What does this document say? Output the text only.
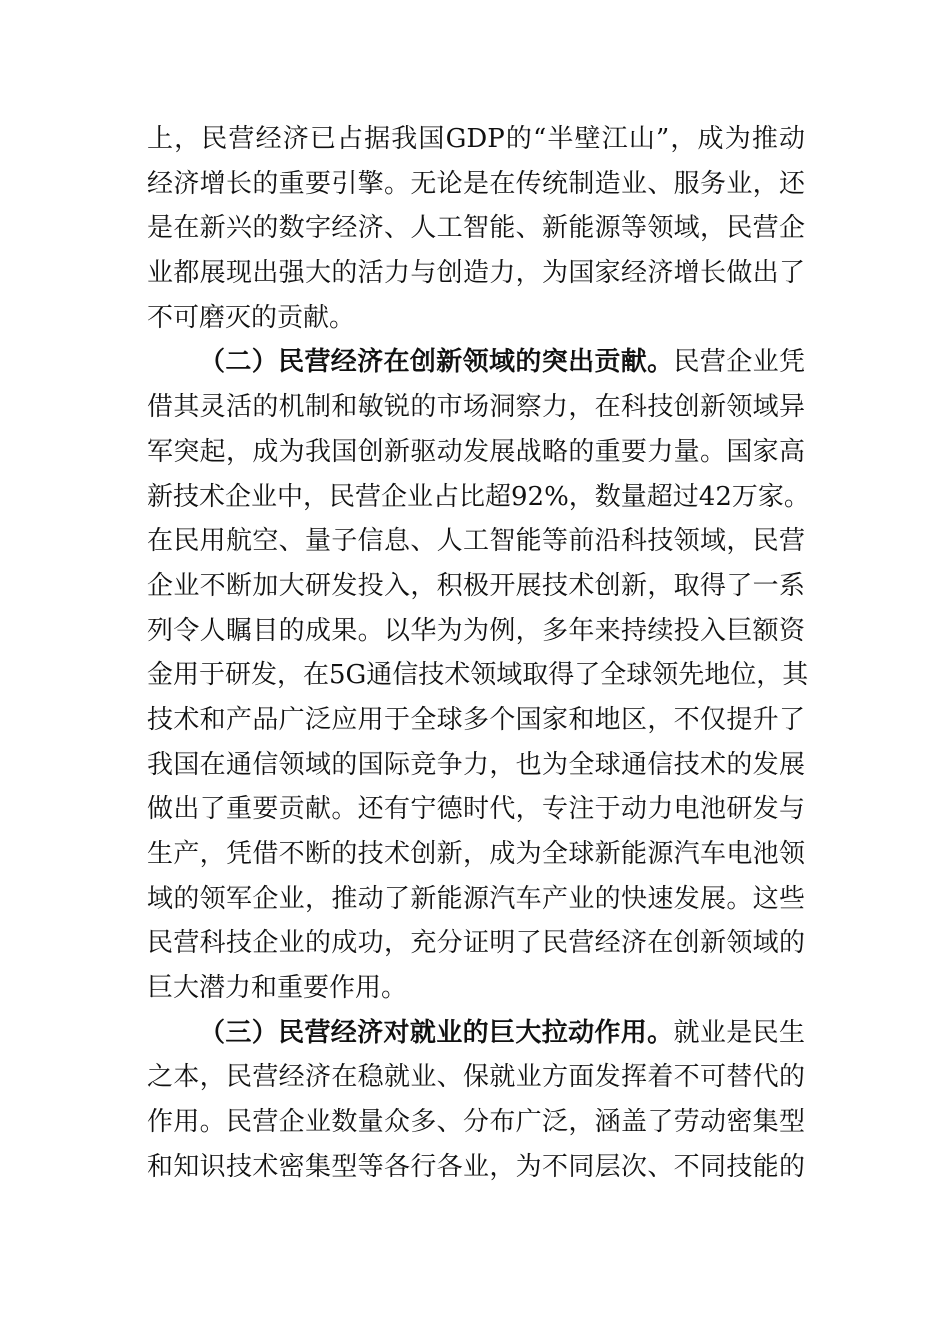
上，民营经济已占据我国GDP的“半壁江山”，成为推动
经济增长的重要引擎。无论是在传统制造业、服务业，还
是在新兴的数字经济、人工智能、新能源等领域，民营企
业都展现出强大的活力与创造力，为国家经济增长做出了
不可磨灭的贡献。
（二）民营经济在创新领域的突出贡献。民营企业凭
借其灵活的机制和敏锐的市场洞察力，在科技创新领域异
军突起，成为我国创新驱动发展战略的重要力量。国家高
新技术企业中，民营企业占比超92%，数量超过42万家。
在民用航空、量子信息、人工智能等前沿科技领域，民营
企业不断加大研发投入，积极开展技术创新，取得了一系
列令人瞩目的成果。以华为为例，多年来持续投入巨额资
金用于研发，在5G通信技术领域取得了全球领先地位，其
技术和产品广泛应用于全球多个国家和地区，不仅提升了
我国在通信领域的国际竞争力，也为全球通信技术的发展
做出了重要贡献。还有宁德时代，专注于动力电池研发与
生产，凭借不断的技术创新，成为全球新能源汽车电池领
域的领军企业，推动了新能源汽车产业的快速发展。这些
民营科技企业的成功，充分证明了民营经济在创新领域的
巨大潜力和重要作用。
（三）民营经济对就业的巨大拉动作用。就业是民生
之本，民营经济在稳就业、保就业方面发挥着不可替代的
作用。民营企业数量众多、分布广泛，涵盖了劳动密集型
和知识技术密集型等各行各业，为不同层次、不同技能的
